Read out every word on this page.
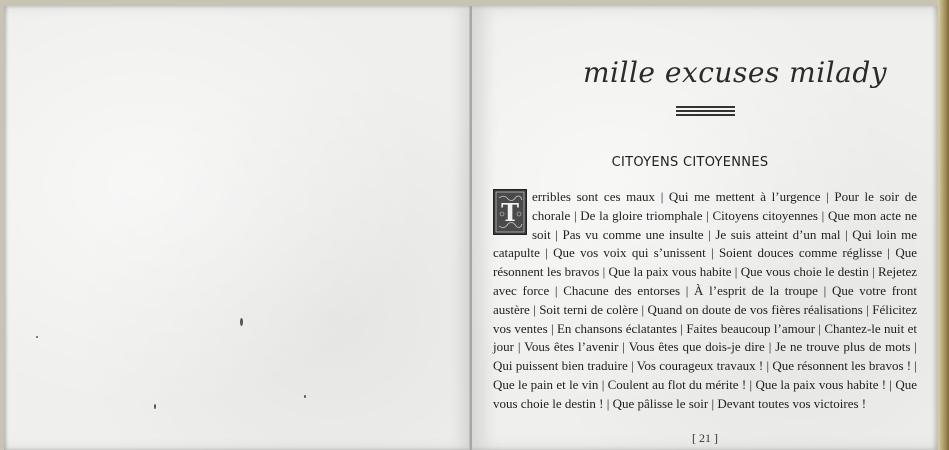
mille excuses milady
CITOYENS CITOYENNES
T
erribles sont ces maux | Qui me mettent à l’urgence | Pour le soir de chorale | De la gloire triomphale | Citoyens citoyennes | Que mon acte ne soit | Pas vu comme une insulte | Je suis atteint d’un mal | Qui loin me catapulte | Que vos voix qui s’unissent | Soient douces comme réglisse | Que résonnent les bravos | Que la paix vous habite | Que vous choie le destin | Rejetez avec force | Chacune des entorses | À l’esprit de la troupe | Que votre front austère | Soit terni de colère | Quand on doute de vos fières réalisations | Félicitez vos ventes | En chansons éclatantes | Faites beaucoup l’amour | Chantez-le nuit et jour | Vous êtes l’avenir | Vous êtes que dois-je dire | Je ne trouve plus de mots | Qui puissent bien traduire | Vos courageux travaux ! | Que résonnent les bravos ! | Que le pain et le vin | Coulent au flot du mérite ! | Que la paix vous habite ! | Que vous choie le destin ! | Que pâlisse le soir | Devant toutes vos victoires !
[ 21 ]
